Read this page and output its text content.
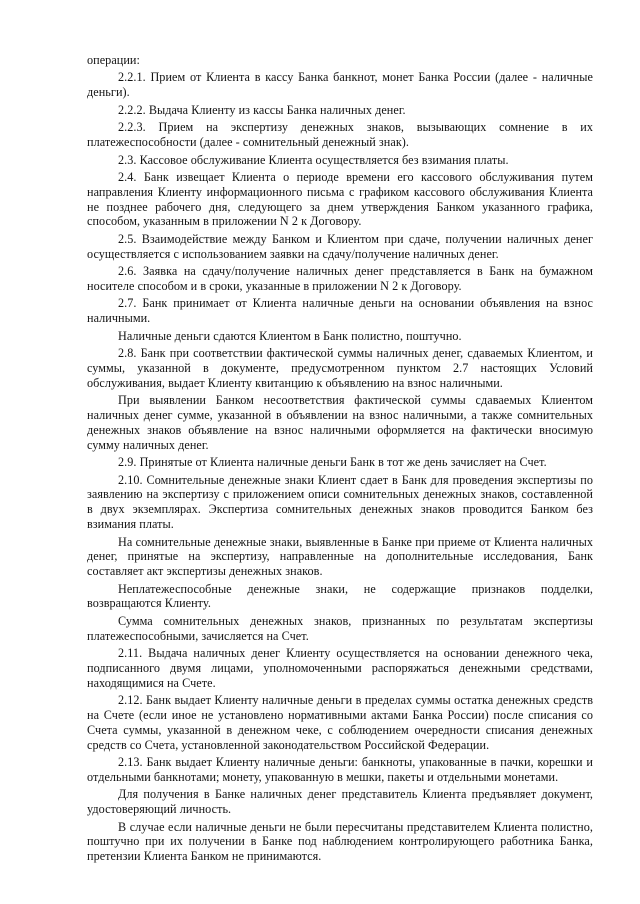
операции:

2.2.1. Прием от Клиента в кассу Банка банкнот, монет Банка России (далее - наличные деньги).

2.2.2. Выдача Клиенту из кассы Банка наличных денег.

2.2.3. Прием на экспертизу денежных знаков, вызывающих сомнение в их платежеспособности (далее - сомнительный денежный знак).

2.3. Кассовое обслуживание Клиента осуществляется без взимания платы.

2.4. Банк извещает Клиента о периоде времени его кассового обслуживания путем направления Клиенту информационного письма с графиком кассового обслуживания Клиента не позднее рабочего дня, следующего за днем утверждения Банком указанного графика, способом, указанным в приложении N 2 к Договору.

2.5. Взаимодействие между Банком и Клиентом при сдаче, получении наличных денег осуществляется с использованием заявки на сдачу/получение наличных денег.

2.6. Заявка на сдачу/получение наличных денег представляется в Банк на бумажном носителе способом и в сроки, указанные в приложении N 2 к Договору.

2.7. Банк принимает от Клиента наличные деньги на основании объявления на взнос наличными.

Наличные деньги сдаются Клиентом в Банк полистно, поштучно.

2.8. Банк при соответствии фактической суммы наличных денег, сдаваемых Клиентом, и суммы, указанной в документе, предусмотренном пунктом 2.7 настоящих Условий обслуживания, выдает Клиенту квитанцию к объявлению на взнос наличными.

При выявлении Банком несоответствия фактической суммы сдаваемых Клиентом наличных денег сумме, указанной в объявлении на взнос наличными, а также сомнительных денежных знаков объявление на взнос наличными оформляется на фактически вносимую сумму наличных денег.

2.9. Принятые от Клиента наличные деньги Банк в тот же день зачисляет на Счет.

2.10. Сомнительные денежные знаки Клиент сдает в Банк для проведения экспертизы по заявлению на экспертизу с приложением описи сомнительных денежных знаков, составленной в двух экземплярах. Экспертиза сомнительных денежных знаков проводится Банком без взимания платы.

На сомнительные денежные знаки, выявленные в Банке при приеме от Клиента наличных денег, принятые на экспертизу, направленные на дополнительные исследования, Банк составляет акт экспертизы денежных знаков.

Неплатежеспособные денежные знаки, не содержащие признаков подделки, возвращаются Клиенту.

Сумма сомнительных денежных знаков, признанных по результатам экспертизы платежеспособными, зачисляется на Счет.

2.11. Выдача наличных денег Клиенту осуществляется на основании денежного чека, подписанного двумя лицами, уполномоченными распоряжаться денежными средствами, находящимися на Счете.

2.12. Банк выдает Клиенту наличные деньги в пределах суммы остатка денежных средств на Счете (если иное не установлено нормативными актами Банка России) после списания со Счета суммы, указанной в денежном чеке, с соблюдением очередности списания денежных средств со Счета, установленной законодательством Российской Федерации.

2.13. Банк выдает Клиенту наличные деньги: банкноты, упакованные в пачки, корешки и отдельными банкнотами; монету, упакованную в мешки, пакеты и отдельными монетами.

Для получения в Банке наличных денег представитель Клиента предъявляет документ, удостоверяющий личность.

В случае если наличные деньги не были пересчитаны представителем Клиента полистно, поштучно при их получении в Банке под наблюдением контролирующего работника Банка, претензии Клиента Банком не принимаются.
